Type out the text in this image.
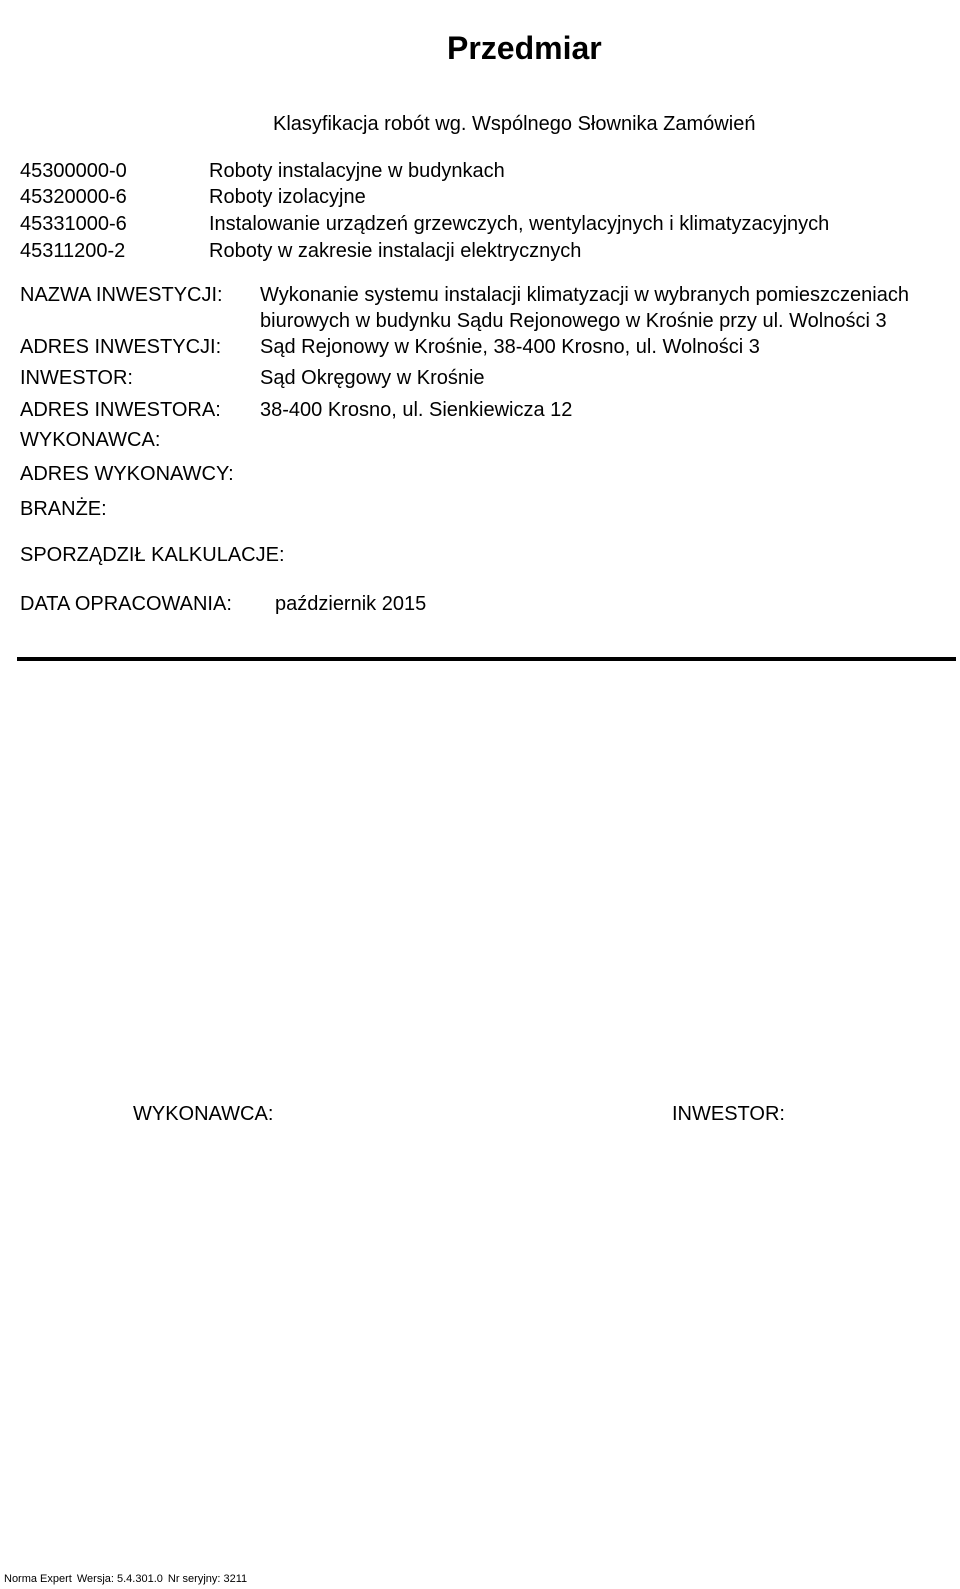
Przedmiar
Klasyfikacja robót wg. Wspólnego Słownika Zamówień
45300000-0	Roboty instalacyjne w budynkach
45320000-6	Roboty izolacyjne
45331000-6	Instalowanie urządzeń grzewczych, wentylacyjnych i klimatyzacyjnych
45311200-2	Roboty w zakresie instalacji elektrycznych
NAZWA INWESTYCJI: Wykonanie systemu instalacji klimatyzacji w wybranych pomieszczeniach
biurowych w budynku Sądu Rejonowego w Krośnie przy ul. Wolności 3
ADRES INWESTYCJI: Sąd Rejonowy w Krośnie, 38-400 Krosno, ul. Wolności 3
INWESTOR:	Sąd Okręgowy w Krośnie
ADRES INWESTORA: 38-400 Krosno, ul. Sienkiewicza 12
WYKONAWCA:
ADRES WYKONAWCY:
BRANŻE:
SPORZĄDZIŁ KALKULACJE:
DATA OPRACOWANIA: październik 2015
WYKONAWCA:	INWESTOR:
Norma Expert Wersja: 5.4.301.0 Nr seryjny: 3211
